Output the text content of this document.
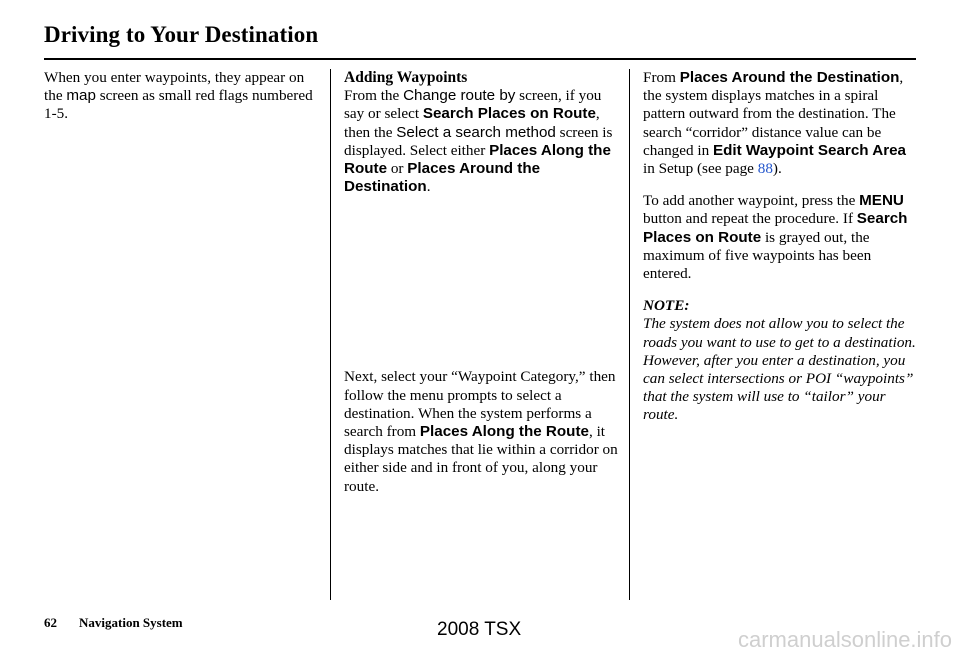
Driving to Your Destination

When you enter waypoints, they appear on the map screen as small red flags numbered 1-5.

Adding Waypoints

From the Change route by screen, if you say or select Search Places on Route, then the Select a search method screen is displayed. Select either Places Along the Route or Places Around the Destination.

Next, select your “Waypoint Category,” then follow the menu prompts to select a destination. When the system performs a search from Places Along the Route, it displays matches that lie within a corridor on either side and in front of you, along your route.

From Places Around the Destination, the system displays matches in a spiral pattern outward from the destination. The search “corridor” distance value can be changed in Edit Waypoint Search Area in Setup (see page 88).

To add another waypoint, press the MENU button and repeat the procedure. If Search Places on Route is grayed out, the maximum of five waypoints has been entered.

NOTE:

The system does not allow you to select the roads you want to use to get to a destination. However, after you enter a destination, you can select intersections or POI “waypoints” that the system will use to “tailor” your route.

62 Navigation System	2008 TSX	carmanualsonline.info
